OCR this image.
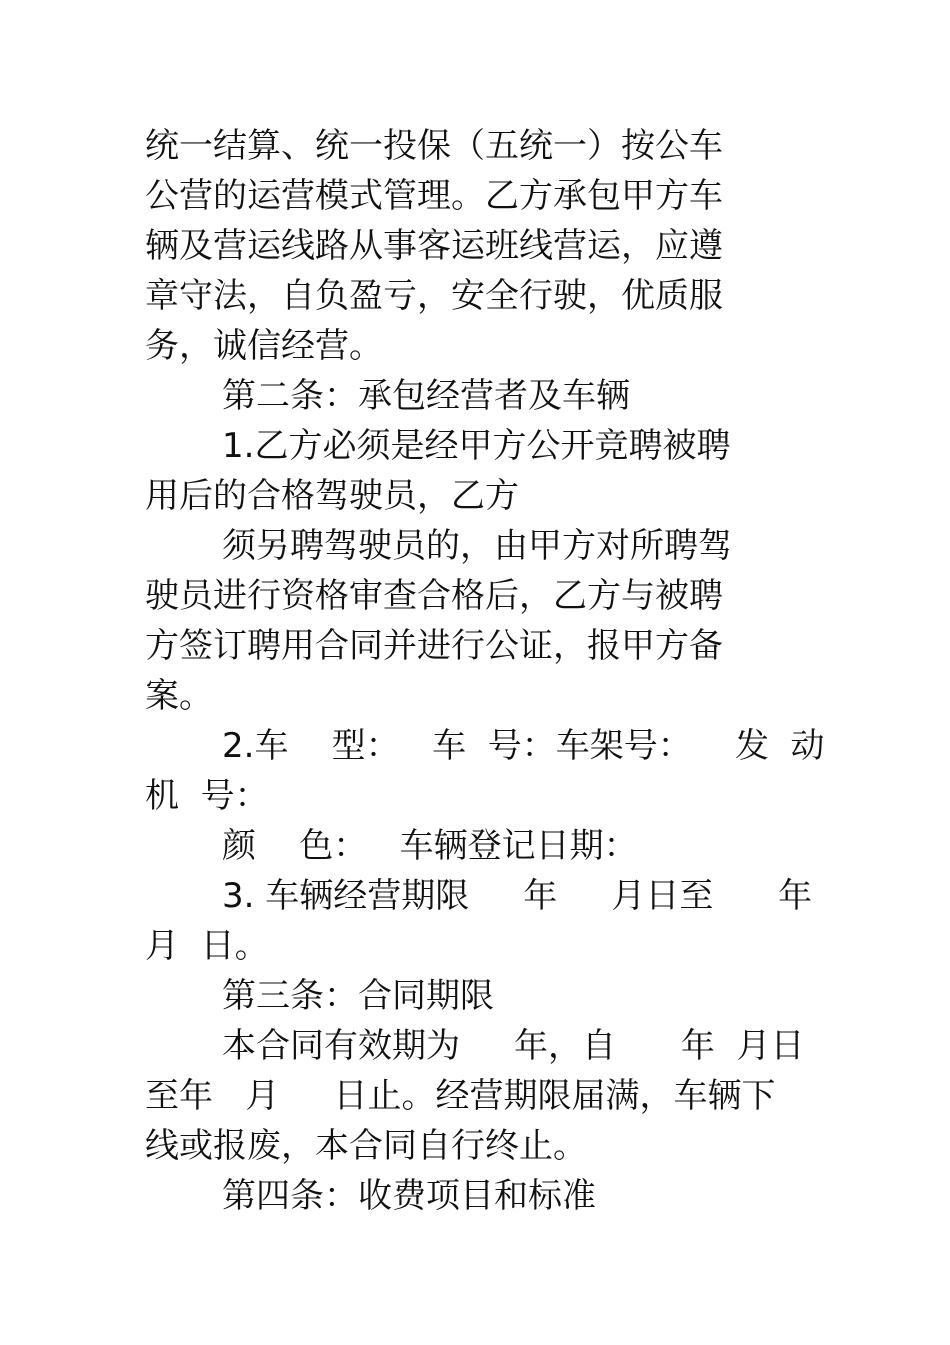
统一结算、统一投保（五统一）按公车
公营的运营模式管理。乙方承包甲方车
辆及营运线路从事客运班线营运，应遵
章守法，自负盈亏，安全行驶，优质服
务，诚信经营。
第二条：承包经营者及车辆
1.乙方必须是经甲方公开竞聘被聘
用后的合格驾驶员，乙方
须另聘驾驶员的，由甲方对所聘驾
驶员进行资格审查合格后，乙方与被聘
方签订聘用合同并进行公证，报甲方备
案。
2.车    型：   车  号：车架号：    发  动
机  号：
颜    色：   车辆登记日期：
3. 车辆经营期限     年     月日至      年
月  日。
第三条：合同期限
本合同有效期为     年，自      年  月日
至年   月     日止。经营期限届满，车辆下
线或报废，本合同自行终止。
第四条：收费项目和标准
